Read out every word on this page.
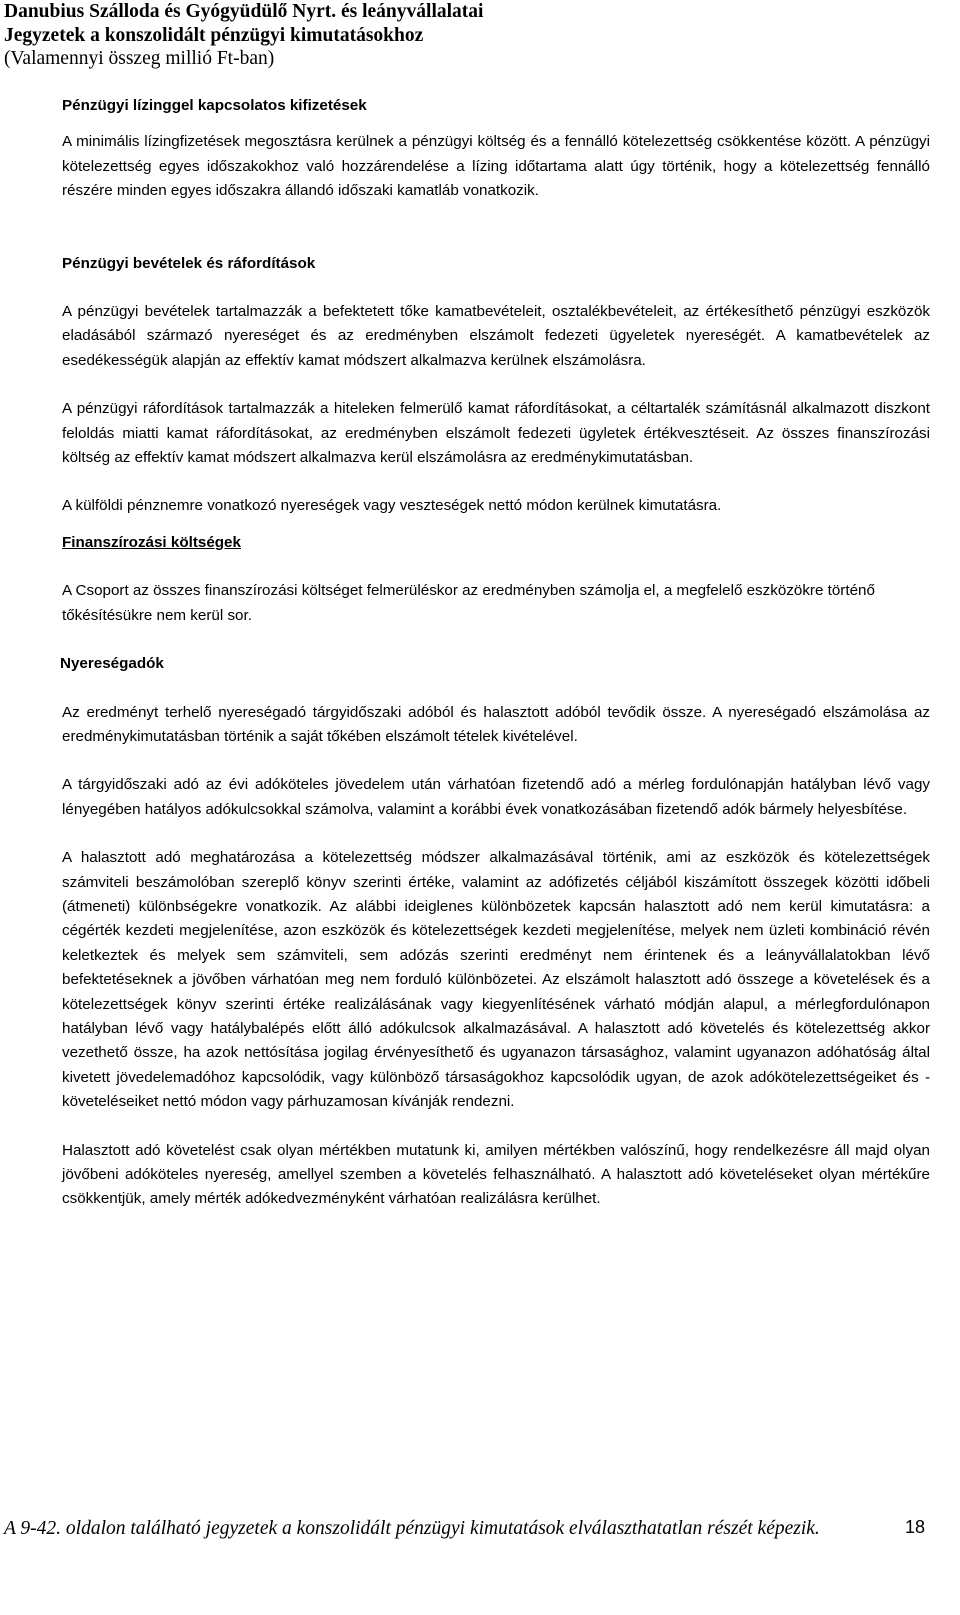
Danubius Szálloda és Gyógyüdülő Nyrt. és leányvállalatai
Jegyzetek a konszolidált pénzügyi kimutatásokhoz
(Valamennyi összeg millió Ft-ban)

Pénzügyi lízinggel kapcsolatos kifizetések

A minimális lízingfizetések megosztásra kerülnek a pénzügyi költség és a fennálló kötelezettség csökkentése között. A pénzügyi kötelezettség egyes időszakokhoz való hozzárendelése a lízing időtartama alatt úgy történik, hogy a kötelezettség fennálló részére minden egyes időszakra állandó időszaki kamatláb vonatkozik.

Pénzügyi bevételek és ráfordítások

A pénzügyi bevételek tartalmazzák a befektetett tőke kamatbevételeit, osztalékbevételeit, az értékesíthető pénzügyi eszközök eladásából származó nyereséget és az eredményben elszámolt fedezeti ügyeletek nyereségét. A kamatbevételek az esedékességük alapján az effektív kamat módszert alkalmazva kerülnek elszámolásra.

A pénzügyi ráfordítások tartalmazzák a hiteleken felmerülő kamat ráfordításokat, a céltartalék számításnál alkalmazott diszkont feloldás miatti kamat ráfordításokat, az eredményben elszámolt fedezeti ügyletek értékvesztéseit. Az összes finanszírozási költség az effektív kamat módszert alkalmazva kerül elszámolásra az eredménykimutatásban.

A külföldi pénznemre vonatkozó nyereségek vagy veszteségek nettó módon kerülnek kimutatásra.

Finanszírozási költségek

A Csoport az összes finanszírozási költséget felmerüléskor az eredményben számolja el, a megfelelő eszközökre történő tőkésítésükre nem kerül sor.

Nyereségadók

Az eredményt terhelő nyereségadó tárgyidőszaki adóból és halasztott adóból tevődik össze. A nyereségadó elszámolása az eredménykimutatásban történik a saját tőkében elszámolt tételek kivételével.

A tárgyidőszaki adó az évi adóköteles jövedelem után várhatóan fizetendő adó a mérleg fordulónapján hatályban lévő vagy lényegében hatályos adókulcsokkal számolva, valamint a korábbi évek vonatkozásában fizetendő adók bármely helyesbítése.

A halasztott adó meghatározása a kötelezettség módszer alkalmazásával történik, ami az eszközök és kötelezettségek számviteli beszámolóban szereplő könyv szerinti értéke, valamint az adófizetés céljából kiszámított összegek közötti időbeli (átmeneti) különbségekre vonatkozik. Az alábbi ideiglenes különbözetek kapcsán halasztott adó nem kerül kimutatásra: a cégérték kezdeti megjelenítése, azon eszközök és kötelezettségek kezdeti megjelenítése, melyek nem üzleti kombináció révén keletkeztek és melyek sem számviteli, sem adózás szerinti eredményt nem érintenek és a leányvállalatokban lévő befektetéseknek a jövőben várhatóan meg nem forduló különbözetei. Az elszámolt halasztott adó összege a követelések és a kötelezettségek könyv szerinti értéke realizálásának vagy kiegyenlítésének várható módján alapul, a mérlegfordulónapon hatályban lévő vagy hatálybalépés előtt álló adókulcsok alkalmazásával. A halasztott adó követelés és kötelezettség akkor vezethető össze, ha azok nettósítása jogilag érvényesíthető és ugyanazon társasághoz, valamint ugyanazon adóhatóság által kivetett jövedelemadóhoz kapcsolódik, vagy különböző társaságokhoz kapcsolódik ugyan, de azok adókötelezettségeiket és -követeléseiket nettó módon vagy párhuzamosan kívánják rendezni.

Halasztott adó követelést csak olyan mértékben mutatunk ki, amilyen mértékben valószínű, hogy rendelkezésre áll majd olyan jövőbeni adóköteles nyereség, amellyel szemben a követelés felhasználható. A halasztott adó követeléseket olyan mértékűre csökkentjük, amely mérték adókedvezményként várhatóan realizálásra kerülhet.

A 9-42. oldalon található jegyzetek a konszolidált pénzügyi kimutatások elválaszthatatlan részét képezik.	18
